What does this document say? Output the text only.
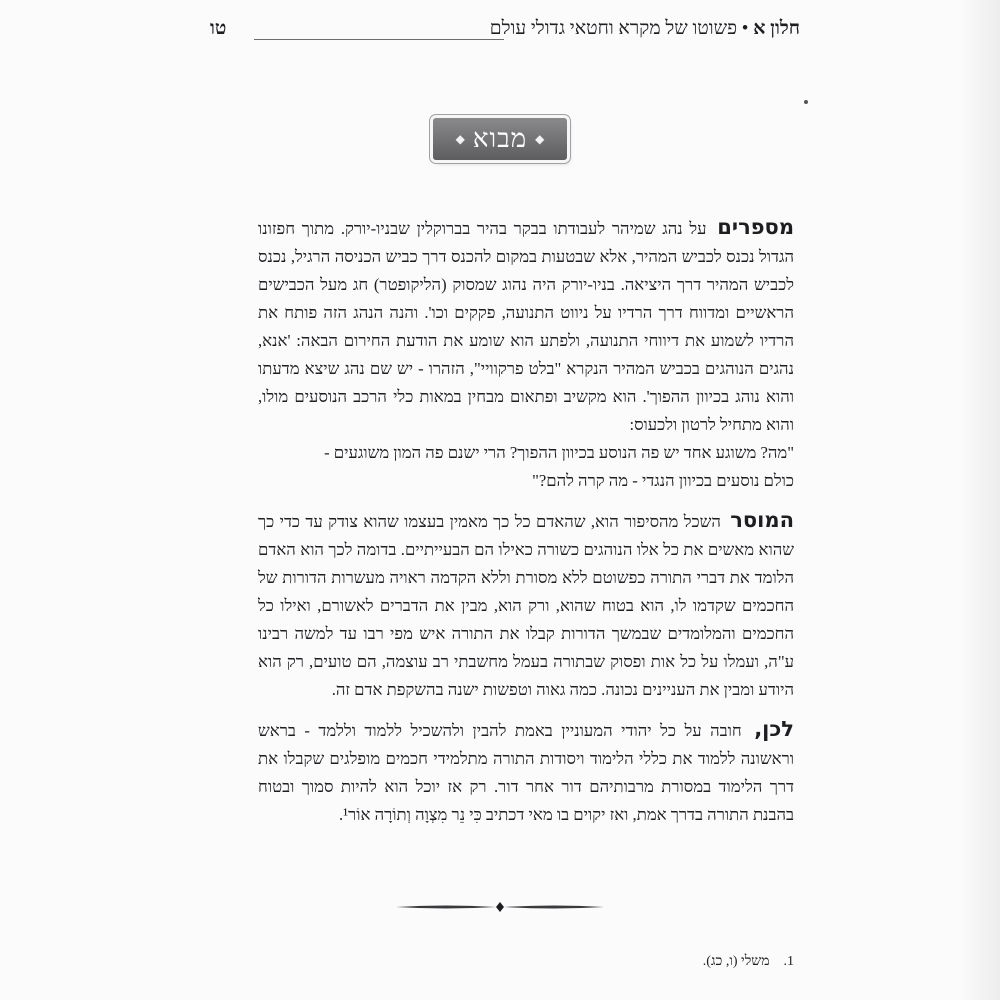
חלון א • פשוטו של מקרא וחטאי גדולי עולם
טו
◆
מבוא
◆

מספרים על נהג שמיהר לעבודתו בבקר בהיר בברוקלין שבניו-יורק. מתוך חפזונו הגדול נכנס לכביש המהיר, אלא שבטעות במקום להכנס דרך כביש הכניסה הרגיל, נכנס לכביש המהיר דרך היציאה. בניו-יורק היה נהוג שמסוק (הליקופטר) חג מעל הכבישים הראשיים ומדווח דרך הרדיו על ניווט התנועה, פקקים וכו'. והנה הנהג הזה פותח את הרדיו לשמוע את דיווחי התנועה, ולפתע הוא שומע את הודעת החירום הבאה: 'אנא, נהגים הנוהגים בכביש המהיר הנקרא "בלט פרקוויי", הזהרו - יש שם נהג שיצא מדעתו והוא נוהג בכיוון ההפוך'. הוא מקשיב ופתאום מבחין במאות כלי הרכב הנוסעים מולו, והוא מתחיל לרטון ולכעוס:
"מה? משוגע אחד יש פה הנוסע בכיוון ההפוך? הרי ישנם פה המון משוגעים -
כולם נוסעים בכיוון הנגדי - מה קרה להם?"

המוסר השכל מהסיפור הוא, שהאדם כל כך מאמין בעצמו שהוא צודק עד כדי כך שהוא מאשים את כל אלו הנוהגים כשורה כאילו הם הבעייתיים. בדומה לכך הוא האדם הלומד את דברי התורה כפשוטם ללא מסורת וללא הקדמה ראויה מעשרות הדורות של החכמים שקדמו לו, הוא בטוח שהוא, ורק הוא, מבין את הדברים לאשורם, ואילו כל החכמים והמלומדים שבמשך הדורות קבלו את התורה איש מפי רבו עד למשה רבינו ע"ה, ועמלו על כל אות ופסוק שבתורה בעמל מחשבתי רב עוצמה, הם טועים, רק הוא היודע ומבין את העניינים נכונה. כמה גאוה וטפשות ישנה בהשקפת אדם זה.

לכן, חובה על כל יהודי המעוניין באמת להבין ולהשכיל ללמוד וללמד - בראש וראשונה ללמוד את כללי הלימוד ויסודות התורה מתלמידי חכמים מופלגים שקבלו את דרך הלימוד במסורת מרבותיהם דור אחר דור. רק אז יוכל הוא להיות סמוך ובטוח בהבנת התורה בדרך אמת, ואז יקוים בו מאי דכתיב כִּי נֵר מִצְוָה וְתוֹרָה אוֹר¹.

1.משלי (ו, כג).
